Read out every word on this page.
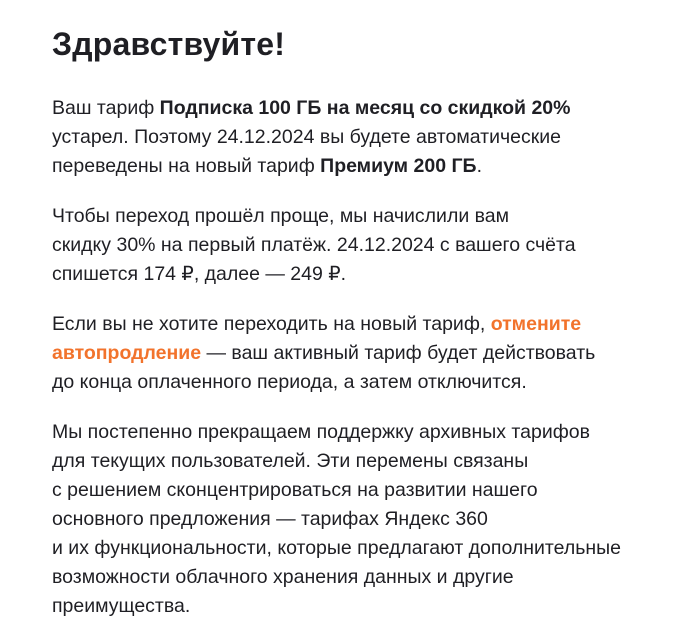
Здравствуйте!

Ваш тариф Подписка 100 ГБ на месяц со скидкой 20%
устарел. Поэтому 24.12.2024 вы будете автоматические
переведены на новый тариф Премиум 200 ГБ.

Чтобы переход прошёл проще, мы начислили вам
скидку 30% на первый платёж. 24.12.2024 с вашего счёта
спишется 174 ₽, далее — 249 ₽.

Если вы не хотите переходить на новый тариф, отмените
автопродление — ваш активный тариф будет действовать
до конца оплаченного периода, а затем отключится.

Мы постепенно прекращаем поддержку архивных тарифов
для текущих пользователей. Эти перемены связаны
с решением сконцентрироваться на развитии нашего
основного предложения — тарифах Яндекс 360
и их функциональности, которые предлагают дополнительные
возможности облачного хранения данных и другие
преимущества.
